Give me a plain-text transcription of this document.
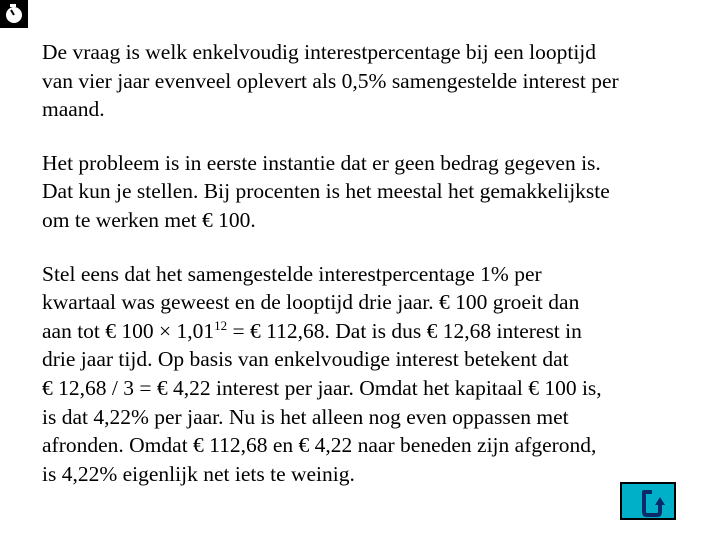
De vraag is welk enkelvoudig interestpercentage bij een looptijd
van vier jaar evenveel oplevert als 0,5% samengestelde interest per
maand.

Het probleem is in eerste instantie dat er geen bedrag gegeven is.
Dat kun je stellen. Bij procenten is het meestal het gemakkelijkste
om te werken met € 100.

Stel eens dat het samengestelde interestpercentage 1% per
kwartaal was geweest en de looptijd drie jaar. € 100 groeit dan
aan tot € $100 \times 1,01^{12}$ = € 112,68. Dat is dus € 12,68 interest in
drie jaar tijd. Op basis van enkelvoudige interest betekent dat
€ 12,68 / 3 = € 4,22 interest per jaar. Omdat het kapitaal € 100 is,
is dat 4,22% per jaar. Nu is het alleen nog even oppassen met
afronden. Omdat € 112,68 en € 4,22 naar beneden zijn afgerond,
is 4,22% eigenlijk net iets te weinig.
